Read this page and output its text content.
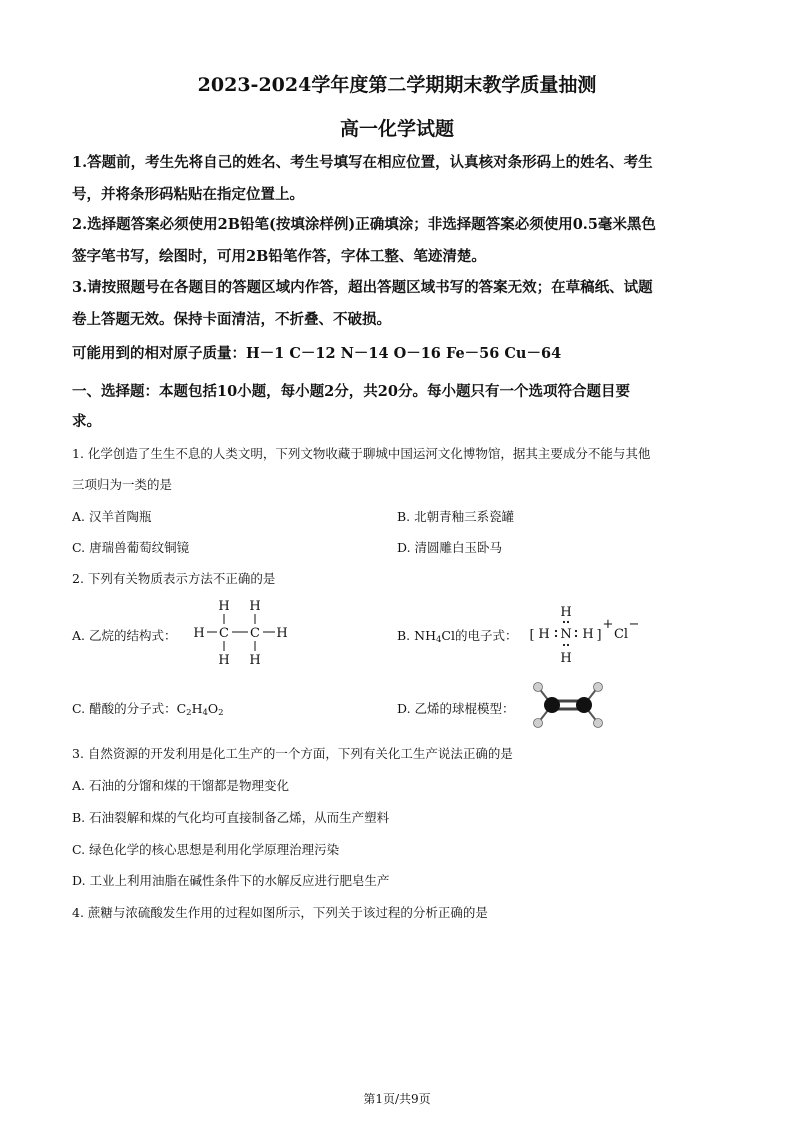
2023-2024学年度第二学期期末教学质量抽测
高一化学试题
1.答题前，考生先将自己的姓名、考生号填写在相应位置，认真核对条形码上的姓名、考生
号，并将条形码粘贴在指定位置上。
2.选择题答案必须使用2B铅笔(按填涂样例)正确填涂；非选择题答案必须使用0.5毫米黑色
签字笔书写，绘图时，可用2B铅笔作答，字体工整、笔迹清楚。
3.请按照题号在各题目的答题区域内作答，超出答题区域书写的答案无效；在草稿纸、试题
卷上答题无效。保持卡面清洁，不折叠、不破损。
可能用到的相对原子质量：H－1 C－12 N－14 O－16 Fe－56 Cu－64
一、选择题：本题包括10小题，每小题2分，共20分。每小题只有一个选项符合题目要
求。
1. 化学创造了生生不息的人类文明，下列文物收藏于聊城中国运河文化博物馆，据其主要成分不能与其他
三项归为一类的是
A. 汉羊首陶瓶	B. 北朝青釉三系瓷罐
C. 唐瑞兽葡萄纹铜镜	D. 清圆雕白玉卧马
2. 下列有关物质表示方法不正确的是
A. 乙烷的结构式：
H H
H C C H
H H
B. $NH_4Cl$的电子式：
H
[ H N H ]
+
Cl
−
H
C. 醋酸的分子式：$C_2H_4O_2$	D. 乙烯的球棍模型：
3. 自然资源的开发利用是化工生产的一个方面，下列有关化工生产说法正确的是
A. 石油的分馏和煤的干馏都是物理变化
B. 石油裂解和煤的气化均可直接制备乙烯，从而生产塑料
C. 绿色化学的核心思想是利用化学原理治理污染
D. 工业上利用油脂在碱性条件下的水解反应进行肥皂生产
4. 蔗糖与浓硫酸发生作用的过程如图所示，下列关于该过程的分析正确的是
第1页/共9页
